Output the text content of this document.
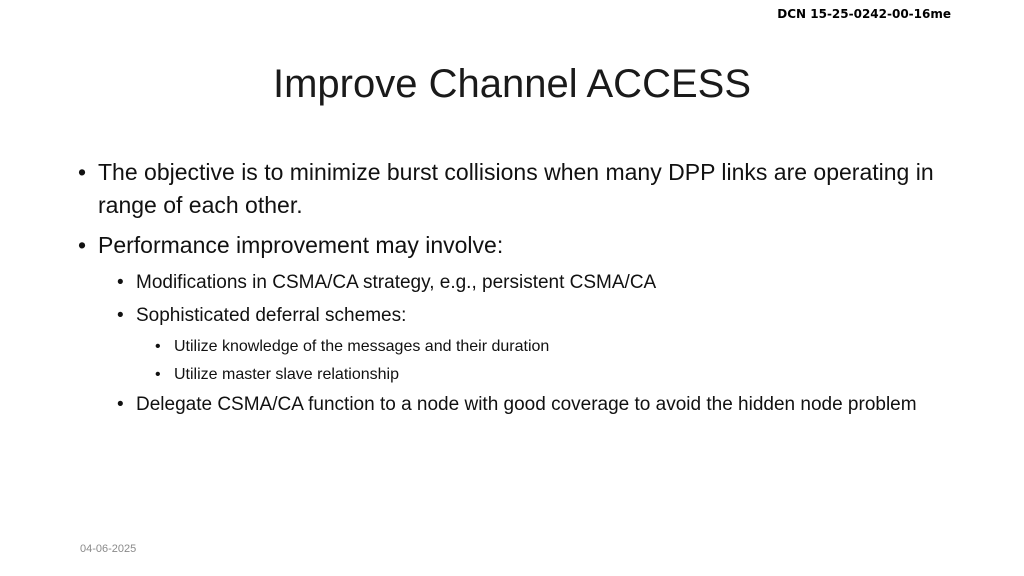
DCN 15-25-0242-00-16me
Improve Channel ACCESS
• The objective is to minimize burst collisions when many DPP links are operating in range of each other.
• Performance improvement may involve:
• Modifications in CSMA/CA strategy, e.g., persistent CSMA/CA
• Sophisticated deferral schemes:
• Utilize knowledge of the messages and their duration
• Utilize master slave relationship
• Delegate CSMA/CA function to a node with good coverage to avoid the hidden node problem
04-06-2025
